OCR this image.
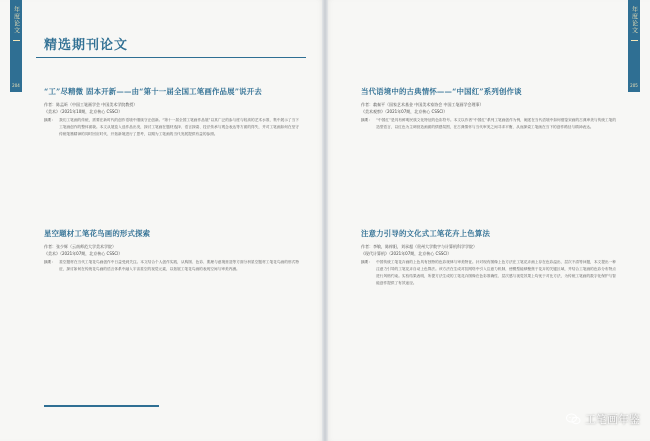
年度论文
204
精选期刊论文
“工”尽精微 固本开新——由“第十一届全国工笔画作品展”说开去
作者：陈孟昕（中国工笔画学会 中国美术学院教授）
《美术》（2021年10期，北京核心 CSSCI）
摘要： 我们工笔画的传统，需要在新时代的创作语境中继续守正创新。“第十一届全国工笔画作品展”以其广泛的参与度与较高的艺术水准，集中展示了当下工笔画创作的整体面貌。本文从展览入选作品出发，探讨工笔画在题材选择、语言探索、技法传承与观念表达等方面的得失，并对工笔画如何在坚守传统笔墨精神的同时回应时代、开拓新境进行了思考，以期为工笔画的当代发展提供有益的参照。
星空题材工笔花鸟画的形式探索
作者：张少辉（云南师范大学美术学院）
《美术》（2021年07期，北京核心 CSSCI）
摘要： 星空题材在当代工笔花鸟画创作中日益受到关注。本文结合个人创作实践，从构图、色彩、肌理与意境营造等方面分析星空题材工笔花鸟画的形式特征，探讨如何在传统花鸟画的语言体系中融入宇宙星空的视觉元素，以拓展工笔花鸟画的表现空间与审美内涵。
年度论文
205
当代语境中的古典情怀——“中国红”系列创作谈
作者：翁秦平（国家艺术基金 中国美术家协会 中国工笔画学会理事）
《美术观察》（2021年07期，北京核心 CSSCI）
摘要： “中国红”是具有鲜明民族文化特征的色彩符号。本文以作者“中国红”系列工笔画创作为例，阐述在当代语境中如何借鉴宋画的古典审美与传统工笔的造型语言，以红色为主调营造画面的情感氛围，在古典情怀与当代审美之间寻求平衡，从而探索工笔画在当下的创作路径与精神表达。
注意力引导的文化式工笔花卉上色算法
作者：李敏，陈梓阳，刘承超（贵州大学数字与计算机科学学院）
《现代计算机》（2021年07期，北京核心 CSSCI）
摘要： 中国传统工笔花卉画的上色具有独特的色彩规律与审美特征。针对现有图像上色方法在工笔花卉画上存在色彩溢出、层次不清等问题，本文提出一种注意力引导的工笔花卉自动上色算法。该方法在生成对抗网络中引入注意力机制，使模型能够聚焦于花卉的关键区域，并结合工笔画的色彩分布特点进行风格约束。实验结果表明，所提方法生成的工笔花卉图像在色彩准确性、层次感与视觉效果上均优于对比方法，为传统工笔画的数字化保护与智能创作提供了有效途径。
工笔画年鉴
